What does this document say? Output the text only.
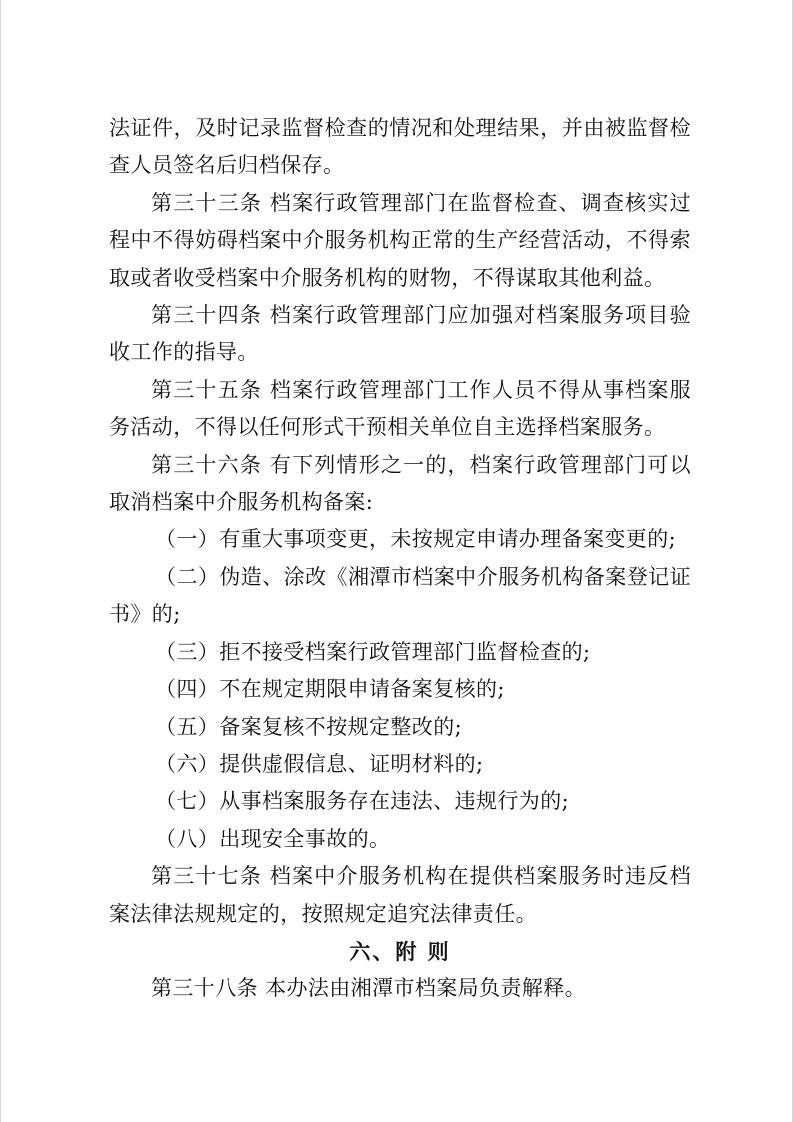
法证件，及时记录监督检查的情况和处理结果，并由被监督检查人员签名后归档保存。

第三十三条 档案行政管理部门在监督检查、调查核实过程中不得妨碍档案中介服务机构正常的生产经营活动，不得索取或者收受档案中介服务机构的财物，不得谋取其他利益。

第三十四条 档案行政管理部门应加强对档案服务项目验收工作的指导。

第三十五条 档案行政管理部门工作人员不得从事档案服务活动，不得以任何形式干预相关单位自主选择档案服务。

第三十六条 有下列情形之一的，档案行政管理部门可以取消档案中介服务机构备案:

（一）有重大事项变更，未按规定申请办理备案变更的;

（二）伪造、涂改《湘潭市档案中介服务机构备案登记证书》的;

（三）拒不接受档案行政管理部门监督检查的;

（四）不在规定期限申请备案复核的;

（五）备案复核不按规定整改的;

（六）提供虚假信息、证明材料的;

（七）从事档案服务存在违法、违规行为的;

（八）出现安全事故的。

第三十七条 档案中介服务机构在提供档案服务时违反档案法律法规规定的，按照规定追究法律责任。

六、附 则

第三十八条 本办法由湘潭市档案局负责解释。
